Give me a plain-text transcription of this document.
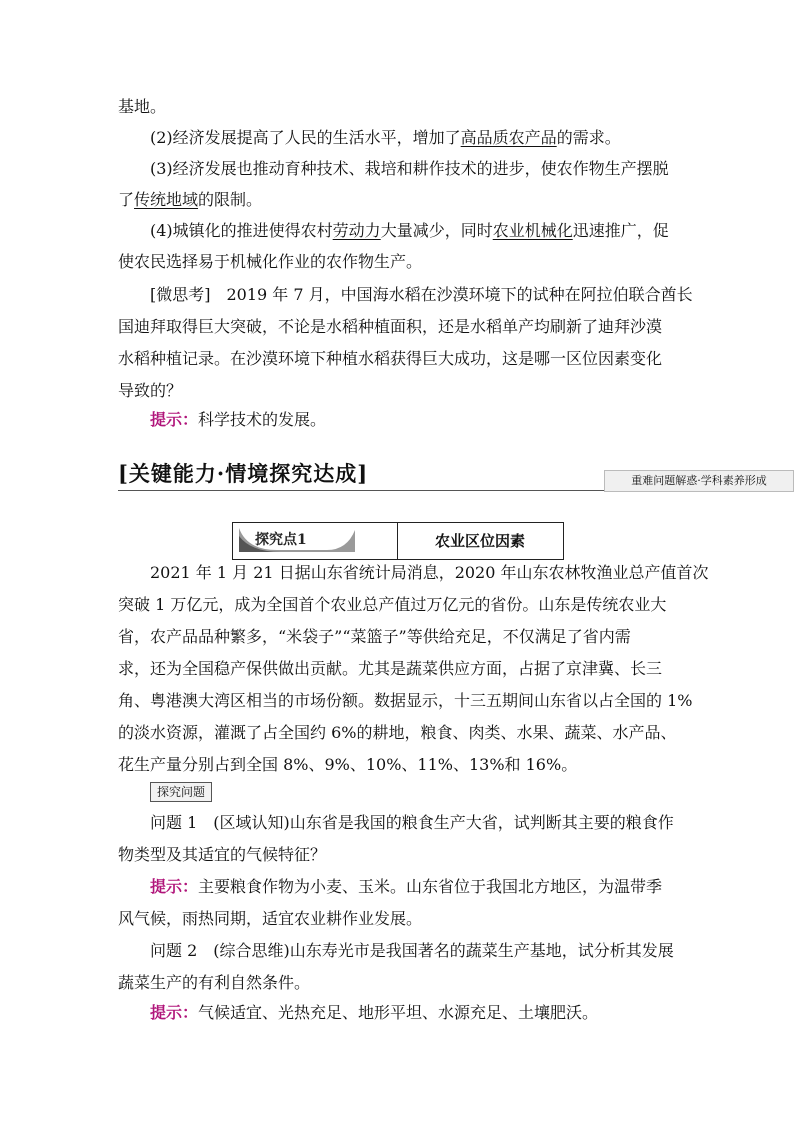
基地。
(2)经济发展提高了人民的生活水平，增加了高品质农产品的需求。
(3)经济发展也推动育种技术、栽培和耕作技术的进步，使农作物生产摆脱
了传统地域的限制。
(4)城镇化的推进使得农村劳动力大量减少，同时农业机械化迅速推广，促
使农民选择易于机械化作业的农作物生产。
[微思考]　2019 年 7 月，中国海水稻在沙漠环境下的试种在阿拉伯联合酋长
国迪拜取得巨大突破，不论是水稻种植面积，还是水稻单产均刷新了迪拜沙漠
水稻种植记录。在沙漠环境下种植水稻获得巨大成功，这是哪一区位因素变化
导致的？
提示：科学技术的发展。
[关键能力·情境探究达成]	重难问题解惑·学科素养形成
探究点1	农业区位因素
2021 年 1 月 21 日据山东省统计局消息，2020 年山东农林牧渔业总产值首次
突破 1 万亿元，成为全国首个农业总产值过万亿元的省份。山东是传统农业大
省，农产品品种繁多，“米袋子”“菜篮子”等供给充足，不仅满足了省内需
求，还为全国稳产保供做出贡献。尤其是蔬菜供应方面，占据了京津冀、长三
角、粤港澳大湾区相当的市场份额。数据显示，十三五期间山东省以占全国的 1%
的淡水资源，灌溉了占全国约 6%的耕地，粮食、肉类、水果、蔬菜、水产品、
花生产量分别占到全国 8%、9%、10%、11%、13%和 16%。
探究问题
问题 1　(区域认知)山东省是我国的粮食生产大省，试判断其主要的粮食作
物类型及其适宜的气候特征？
提示：主要粮食作物为小麦、玉米。山东省位于我国北方地区，为温带季
风气候，雨热同期，适宜农业耕作业发展。
问题 2　(综合思维)山东寿光市是我国著名的蔬菜生产基地，试分析其发展
蔬菜生产的有利自然条件。
提示：气候适宜、光热充足、地形平坦、水源充足、土壤肥沃。
